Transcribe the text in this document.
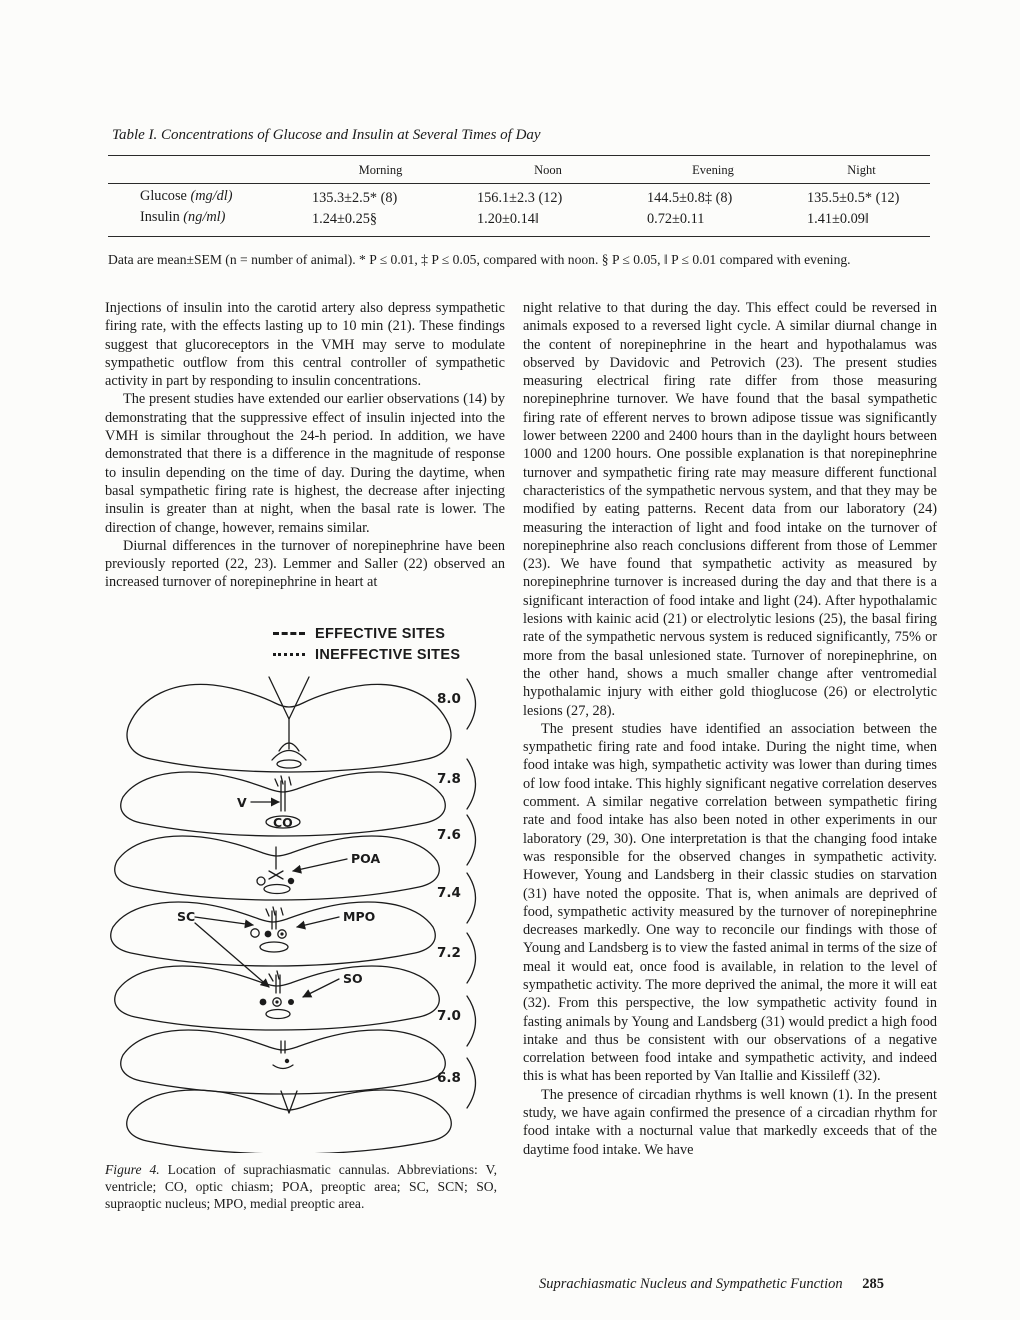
Table I. Concentrations of Glucose and Insulin at Several Times of Day
Morning	Noon	Evening	Night
Glucose (mg/dl)	135.3±2.5* (8)	156.1±2.3 (12)	144.5±0.8‡ (8)	135.5±0.5* (12)
Insulin (ng/ml)	1.24±0.25§	1.20±0.14‖	0.72±0.11	1.41±0.09‖
Data are mean±SEM (n = number of animal). * P ≤ 0.01, ‡ P ≤ 0.05, compared with noon. § P ≤ 0.05, ‖ P ≤ 0.01 compared with evening.

Injections of insulin into the carotid artery also depress sympathetic firing rate, with the effects lasting up to 10 min (21). These findings suggest that glucoreceptors in the VMH may serve to modulate sympathetic outflow from this central controller of sympathetic activity in part by responding to insulin concentrations.

The present studies have extended our earlier observations (14) by demonstrating that the suppressive effect of insulin injected into the VMH is similar throughout the 24-h period. In addition, we have demonstrated that there is a difference in the magnitude of response to insulin depending on the time of day. During the daytime, when basal sympathetic firing rate is highest, the decrease after injecting insulin is greater than at night, when the basal rate is lower. The direction of change, however, remains similar.

Diurnal differences in the turnover of norepinephrine have been previously reported (22, 23). Lemmer and Saller (22) observed an increased turnover of norepinephrine in heart at

EFFECTIVE SITES
INEFFECTIVE SITES
8.0
7.8
7.6
7.4
7.2
7.0
6.8
V
CO
POA
SC	MPO
SO
Figure 4. Location of suprachiasmatic cannulas. Abbreviations: V, ventricle; CO, optic chiasm; POA, preoptic area; SC, SCN; SO, supraoptic nucleus; MPO, medial preoptic area.

night relative to that during the day. This effect could be reversed in animals exposed to a reversed light cycle. A similar diurnal change in the content of norepinephrine in the heart and hypothalamus was observed by Davidovic and Petrovich (23). The present studies measuring electrical firing rate differ from those measuring norepinephrine turnover. We have found that the basal sympathetic firing rate of efferent nerves to brown adipose tissue was significantly lower between 2200 and 2400 hours than in the daylight hours between 1000 and 1200 hours. One possible explanation is that norepinephrine turnover and sympathetic firing rate may measure different functional characteristics of the sympathetic nervous system, and that they may be modified by eating patterns. Recent data from our laboratory (24) measuring the interaction of light and food intake on the turnover of norepinephrine also reach conclusions different from those of Lemmer (23). We have found that sympathetic activity as measured by norepinephrine turnover is increased during the day and that there is a significant interaction of food intake and light (24). After hypothalamic lesions with kainic acid (21) or electrolytic lesions (25), the basal firing rate of the sympathetic nervous system is reduced significantly, 75% or more from the basal unlesioned state. Turnover of norepinephrine, on the other hand, shows a much smaller change after ventromedial hypothalamic injury with either gold thioglucose (26) or electrolytic lesions (27, 28).

The present studies have identified an association between the sympathetic firing rate and food intake. During the night time, when food intake was high, sympathetic activity was lower than during times of low food intake. This highly significant negative correlation deserves comment. A similar negative correlation between sympathetic firing rate and food intake has also been noted in other experiments in our laboratory (29, 30). One interpretation is that the changing food intake was responsible for the observed changes in sympathetic activity. However, Young and Landsberg in their classic studies on starvation (31) have noted the opposite. That is, when animals are deprived of food, sympathetic activity measured by the turnover of norepinephrine decreases markedly. One way to reconcile our findings with those of Young and Landsberg is to view the fasted animal in terms of the size of meal it would eat, once food is available, in relation to the level of sympathetic activity. The more deprived the animal, the more it will eat (32). From this perspective, the low sympathetic activity found in fasting animals by Young and Landsberg (31) would predict a high food intake and thus be consistent with our observations of a negative correlation between food intake and sympathetic activity, and indeed this is what has been reported by Van Itallie and Kissileff (32).

The presence of circadian rhythms is well known (1). In the present study, we have again confirmed the presence of a circadian rhythm for food intake with a nocturnal value that markedly exceeds that of the daytime food intake. We have

Suprachiasmatic Nucleus and Sympathetic Function 285
